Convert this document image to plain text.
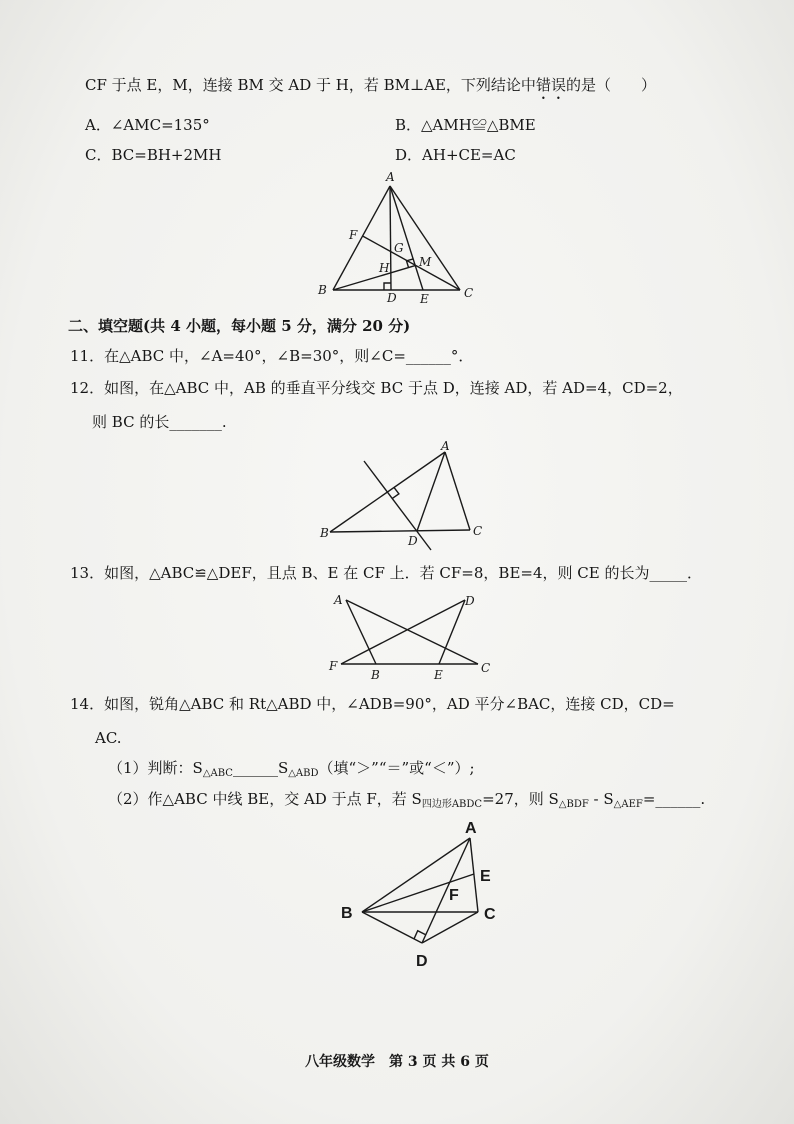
CF 于点 E，M，连接 BM 交 AD 于 H，若 BM⊥AE，下列结论中错误的是（　　）
A．∠AMC=135°	B．△AMH≌△BME
C．BC=BH+2MH	D．AH+CE=AC
二、填空题(共 4 小题，每小题 5 分，满分 20 分)
11．在△ABC 中，∠A=40°，∠B=30°，则∠C=______°．
12．如图，在△ABC 中，AB 的垂直平分线交 BC 于点 D，连接 AD，若 AD=4，CD=2，
则 BC 的长_______.
13．如图，△ABC≌△DEF，且点 B、E 在 CF 上．若 CF=8，BE=4，则 CE 的长为_____．
14．如图，锐角△ABC 和 Rt△ABD 中，∠ADB=90°，AD 平分∠BAC，连接 CD，CD=
AC.
（1）判断：$S_{\triangle ABC}\_\_\_\_\_\_S_{\triangle ABD}$（填“＞”“＝”或“＜”）;
（2）作△ABC 中线 BE，交 AD 于点 F，若 $S_{四边形ABDC}=27$，则 $S_{\triangle BDF}$ - $S_{\triangle AEF}=\_\_\_\_\_\_$.
八年级数学　第 3 页 共 6 页
A
B	C
F
G
H M
D E
A
B	C
D
A	D
F	C
B	E
A
E
F
B	C
D
